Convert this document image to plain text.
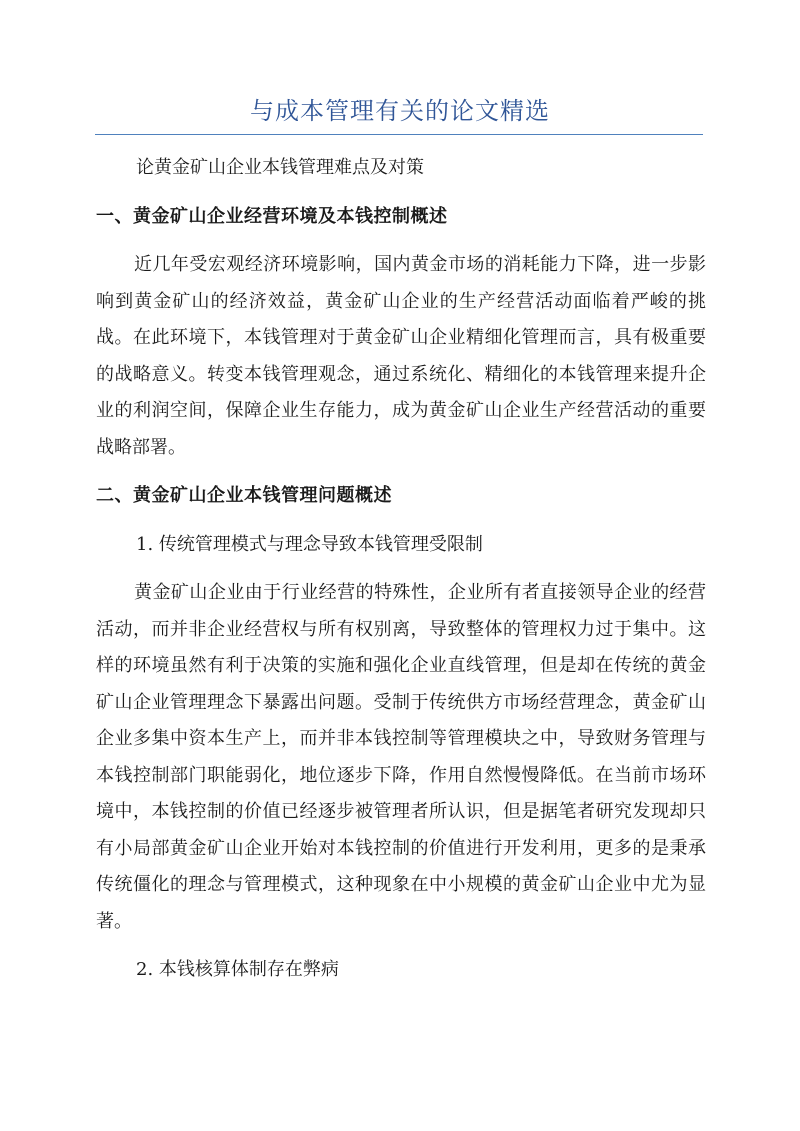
与成本管理有关的论文精选

论黄金矿山企业本钱管理难点及对策

一、黄金矿山企业经营环境及本钱控制概述

近几年受宏观经济环境影响，国内黄金市场的消耗能力下降，进一步影响到黄金矿山的经济效益，黄金矿山企业的生产经营活动面临着严峻的挑战。在此环境下，本钱管理对于黄金矿山企业精细化管理而言，具有极重要的战略意义。转变本钱管理观念，通过系统化、精细化的本钱管理来提升企业的利润空间，保障企业生存能力，成为黄金矿山企业生产经营活动的重要战略部署。

二、黄金矿山企业本钱管理问题概述

1. 传统管理模式与理念导致本钱管理受限制

黄金矿山企业由于行业经营的特殊性，企业所有者直接领导企业的经营活动，而并非企业经营权与所有权别离，导致整体的管理权力过于集中。这样的环境虽然有利于决策的实施和强化企业直线管理，但是却在传统的黄金矿山企业管理理念下暴露出问题。受制于传统供方市场经营理念，黄金矿山企业多集中资本生产上，而并非本钱控制等管理模块之中，导致财务管理与本钱控制部门职能弱化，地位逐步下降，作用自然慢慢降低。在当前市场环境中，本钱控制的价值已经逐步被管理者所认识，但是据笔者研究发现却只有小局部黄金矿山企业开始对本钱控制的价值进行开发利用，更多的是秉承传统僵化的理念与管理模式，这种现象在中小规模的黄金矿山企业中尤为显著。

2. 本钱核算体制存在弊病
